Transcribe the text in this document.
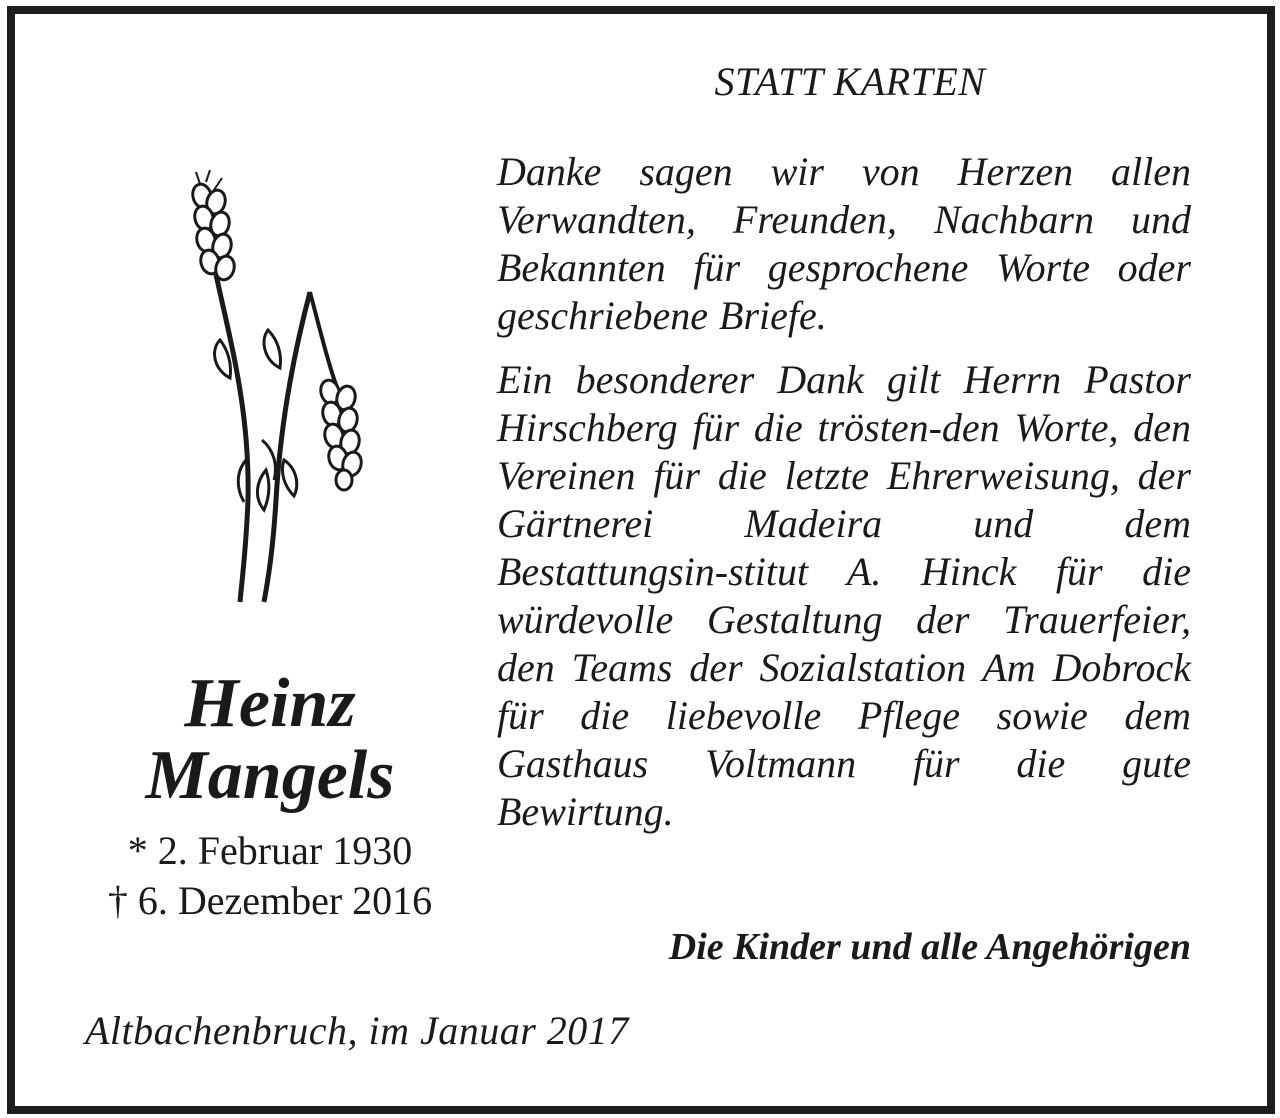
STATT KARTEN
Heinz
Mangels
* 2. Februar 1930
† 6. Dezember 2016

Danke sagen wir von Herzen allen Verwandten, Freunden, Nachbarn und Bekannten für gesprochene Worte oder geschriebene Briefe.

Ein besonderer Dank gilt Herrn Pastor Hirschberg für die trösten-den Worte, den Vereinen für die letzte Ehrerweisung, der Gärtnerei Madeira und dem Bestattungsin-stitut A. Hinck für die würdevolle Gestaltung der Trauerfeier, den Teams der Sozialstation Am Dobrock für die liebevolle Pflege sowie dem Gasthaus Voltmann für die gute Bewirtung.

Die Kinder und alle Angehörigen
Altbachenbruch, im Januar 2017
